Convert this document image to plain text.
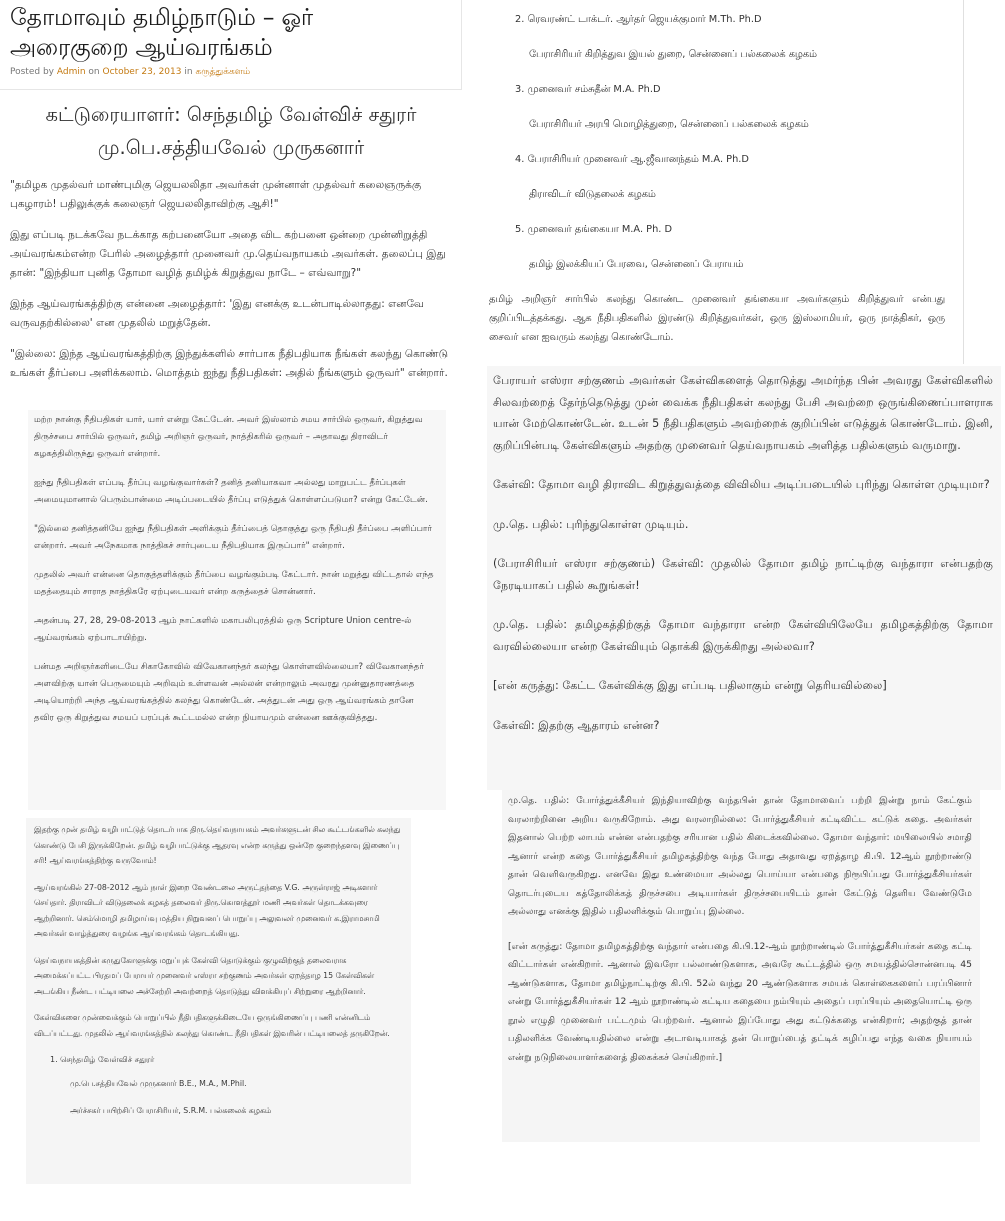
தோமாவும் தமிழ்நாடும் – ஓர்
அரைகுறை ஆய்வரங்கம்
Posted by Admin on October 23, 2013 in கருத்துக்களம்
கட்டுரையாளர்: செந்தமிழ் வேள்விச் சதுரர்
மு.பெ.சத்தியவேல் முருகனார்

"தமிழக முதல்வர் மாண்புமிகு ஜெயலலிதா அவர்கள் முன்னாள் முதல்வர் கலைஞருக்கு புகழாரம்! பதிலுக்குக் கலைஞர் ஜெயலலிதாவிற்கு ஆசி!"

இது எப்படி நடக்கவே நடக்காத கற்பனையோ அதை விட கற்பனை ஒன்றை முன்னிறுத்தி அய்வரங்கம்என்ற பேரில் அழைத்தார் முனைவர் மு.தெய்வநாயகம் அவர்கள். தலைப்பு இது தான்: "இந்தியா புனித தோமா வழித் தமிழ்க் கிறுத்துவ நாடே – எவ்வாறு?"

இந்த ஆய்வரங்கத்திற்கு என்னை அழைத்தார்: 'இது எனக்கு உடன்பாடில்லாதது: எனவே வருவதற்கில்லை' என முதலில் மறுத்தேன்.

"இல்லை: இந்த ஆய்வரங்கத்திற்கு இந்துக்களில் சார்பாக நீதிபதியாக நீங்கள் கலந்து கொண்டு உங்கள் தீர்ப்பை அளிக்கலாம். மொத்தம் ஐந்து நீதிபதிகள்: அதில் நீங்களும் ஒருவர்" என்றார்.

மற்ற நான்கு நீதிபதிகள் யார், யார் என்று கேட்டேன். அவர் இஸ்லாம் சமய சார்பில் ஒருவர், கிறுத்துவ திருச்சபை சார்பில் ஒருவர், தமிழ் அறிஞர் ஒருவர், நாத்திகரில் ஒருவர் – அதாவது திராவிடர் கழகத்திலிருந்து ஒருவர் என்றார்.

ஐந்து நீதிபதிகள் எப்படி தீர்ப்பு வழங்குவார்கள்? தனித் தனியாகவா அல்லது மாறுபட்ட தீர்ப்புகள் அமையுமானால் பெரும்பான்மை அடிப்படையில் தீர்ப்பு எடுத்துக் கொள்ளப்படுமா? என்று கேட்டேன்.

"இல்லை தனித்தனியே ஐந்து நீதிபதிகள் அளிக்கும் தீர்ப்பைத் தொகுத்து ஒரு நீதிபதி தீர்ப்பை அளிப்பார் என்றார். அவர் அநேகமாக நாத்திகச் சார்புடைய நீதிபதியாக இருப்பார்" என்றார்.

முதலில் அவர் என்னை தொகுத்தளிக்கும் தீர்ப்பை வழங்கும்படி கேட்டார். நான் மறுத்து விட்டதால் எந்த மதத்தையும் சாராத நாத்திகரே ஏற்புடையவர் என்ற கருத்தைச் சொன்னார்.

அதன்படி 27, 28, 29-08-2013 ஆம் நாட்களில் மகாபலிபுரத்தில் ஒரு Scripture Union centre-ல் ஆய்வரங்கம் ஏற்பாடாயிற்று.

பன்மத அறிஞர்களிடையே சிகாகோவில் விவேகானந்தர் கலந்து கொள்ளவில்லையா? விவேகானந்தர் அளவிற்கு யான் பெருமையும் அறிவும் உள்ளவன் அல்லன் என்றாலும் அவரது முன்னுதாரணத்தை அடியொற்றி அந்த ஆய்வரங்கத்தில் கலந்து கொண்டேன். அத்துடன் அது ஒரு ஆய்வரங்கம் தானே தவிர ஒரு கிறுத்துவ சமயப் பரப்புக் கூட்டமல்ல என்ற நியாயமும் என்னை ஊக்குவித்தது.

இதற்கு முன் தமிழ் வழிபாட்டுத் தொடர்பாக திரு.தெய்வநாயகம் அவர்களுடன் சில கூட்டங்களில் கலந்து கொண்டு பேசி இருக்கிறேன். தமிழ் வழிபாட்டுக்கு ஆதரவு என்ற கருத்து ஒன்றே குறைந்தளவு இணைப்பு சரி! ஆய்வரங்கத்திற்கு வருவோம்!

ஆய்வரங்கில் 27-08-2012 ஆம் நாள் இறை வேண்டலை அருட்தந்தை V.G. அருள்ராஜ் அடிகளார் செய்தார். திராவிடர் விடுதலைக் கழகத் தலைவர் திரு.கொளத்தூர் மணி அவர்கள் தொடக்கவுரை ஆற்றினார். செம்மொழி தமிழாய்வு மத்திய நிறுவனப் பொறுப்பு அலுவலர் முனைவர் க.இராமசாமி அவர்கள் வாழ்த்துரை வழங்க ஆய்வரங்கம் தொடங்கியது.

தெய்வநாயகத்தின் கருதுகோளுக்கு மறுப்புக் கேள்வி தொடுக்கும் குழுவிற்குத் தலைவராக அமைக்கப்பட்ட பிரதமப் பேராயர் முனைவர் எஸ்ரா சற்குணம் அவர்கள் ஏறத்தாழ 15 கேள்விகள் அடங்கிய நீண்ட பட்டியலை அச்சேற்றி அவற்றைத் தொடுத்து விளக்கியுப் சிற்றுரை ஆற்றினார்.

கேள்விகளை முன்வைக்கும் பொறுப்பில் நீதிபதிகளுக்கிடையே ஒருங்கிணைப்பு பணி என்னிடம் விடப்பட்டது. முதலில் ஆய்வரங்கத்தில் கலந்து கொண்ட நீதிபதிகள் இவரின் பட்டியலைத் தருகிறேன்.

1. செந்தமிழ் வேள்விச் சதுரர்

மு.பெ.சத்தியவேல் முருகனார் B.E., M.A., M.Phil.

அர்ச்சகர் பயிற்சிப் பேராசிரியர், S.R.M. பல்கலைக் கழகம்

2. ரெவரண்ட் டாக்டர். ஆர்தர் ஜெயக்குமார் M.Th. Ph.D

பேராசிரியர் கிறித்துவ இயல் துறை, சென்னைப் பல்கலைக் கழகம்

3. முனைவர் சம்சுதீன் M.A. Ph.D

பேராசிரியர் அரபி மொழித்துறை, சென்னைப் பல்கலைக் கழகம்

4. பேராசிரியர் முனைவர் ஆ.ஜீவானந்தம் M.A. Ph.D

திராவிடர் விடுதலைக் கழகம்

5. முனைவர் தங்கையா M.A. Ph. D

தமிழ் இலக்கியப் பேரவை, சென்னைப் பேராயம்

தமிழ் அறிஞர் சார்பில் கலந்து கொண்ட முனைவர் தங்கையா அவர்களும் கிறித்துவர் என்பது குறிப்பிடத்தக்கது. ஆக நீதிபதிகளில் இரண்டு கிறித்துவர்கள், ஒரு இஸ்லாமியர், ஒரு நாத்திகர், ஒரு சைவர் என ஐவரும் கலந்து கொண்டோம்.

பேராயர் எஸ்ரா சற்குணம் அவர்கள் கேள்விகளைத் தொடுத்து அமர்ந்த பின் அவரது கேள்விகளில் சிலவற்றைத் தேர்ந்தெடுத்து முன் வைக்க நீதிபதிகள் கலந்து பேசி அவற்றை ஒருங்கிணைப்பாளராக யான் மேற்கொண்டேன். உடன் 5 நீதிபதிகளும் அவற்றைக் குறிப்பின் எடுத்துக் கொண்டோம். இனி, குறிப்பின்படி கேள்விகளும் அதற்கு முனைவர் தெய்வநாயகம் அளித்த பதில்களும் வருமாறு.

கேள்வி: தோமா வழி திராவிட கிறுத்துவத்தை விவிலிய அடிப்படையில் புரிந்து கொள்ள முடியுமா?

மு.தெ. பதில்: புரிந்துகொள்ள முடியும்.

(பேராசிரியர் எஸ்ரா சற்குணம்) கேள்வி: முதலில் தோமா தமிழ் நாட்டிற்கு வந்தாரா என்பதற்கு நேரடியாகப் பதில் கூறுங்கள்!

மு.தெ. பதில்: தமிழகத்திற்குத் தோமா வந்தாரா என்ற கேள்வியிலேயே தமிழகத்திற்கு தோமா வரவில்லையா என்ற கேள்வியும் தொக்கி இருக்கிறது அல்லவா?

[என் கருத்து: கேட்ட கேள்விக்கு இது எப்படி பதிலாகும் என்று தெரியவில்லை]

கேள்வி: இதற்கு ஆதாரம் என்ன?

மு.தெ. பதில்: போர்த்துக்கீசியர் இந்தியாவிற்கு வந்தபின் தான் தோமாவைப் பற்றி இன்று நாம் கேட்கும் வரலாற்றினை அறிய வருகிறோம். அது வரலாறில்லை: போர்த்துகீசியர் கட்டிவிட்ட கட்டுக் கதை. அவர்கள் இதனால் பெற்ற லாபம் என்ன என்பதற்கு சரியான பதில் கிடைக்கவில்லை. தோமா வந்தார்: மயிலையில் சமாதி ஆனார் என்ற கதை போர்த்துகீசியர் தமிழகத்திற்கு வந்த போது அதாவது ஏறத்தாழ கி.பி. 12ஆம் நூற்றாண்டு தான் வெளிவருகிறது. எனவே இது உண்மையா அல்லது பொய்யா என்பதை நிரூபிப்பது போர்த்துகீசியர்கள் தொடர்புடைய கத்தோலிக்கத் திருச்சபை அடியார்கள் திருச்சபையிடம் தான் கேட்டுத் தெளிய வேண்டுமே அல்லாது எனக்கு இதில் பதிலளிக்கும் பொறுப்பு இல்லை.

[என் கருத்து: தோமா தமிழகத்திற்கு வந்தார் என்பதை கி.பி.12-ஆம் நூற்றாண்டில் போர்த்துகீசியர்கள் கதை கட்டி விட்டார்கள் என்கிறார். ஆனால் இவரோ பல்லாண்டுகளாக, அவரே கூட்டத்தில் ஒரு சமயத்தில்சொன்னபடி 45 ஆண்டுகளாக, தோமா தமிழ்நாட்டிற்கு கி.பி. 52ல் வந்து 20 ஆண்டுகளாக சமயக் கொள்கைகளைப் பரப்பினார் என்று போர்த்துகீசியர்கள் 12 ஆம் நூறாண்டில் கட்டிய கதையை நம்பியும் அதைப் பரப்பியும் அதையொட்டி ஒரு நூல் எழுதி முனைவர் பட்டமும் பெற்றவர். ஆனால் இப்போது அது கட்டுக்கதை என்கிறார்; அதற்குத் தான் பதிலளிக்க வேண்டியதில்லை என்று அடாவடியாகத் தன் பொறுப்பைத் தட்டிக் கழிப்பது எந்த வகை நியாயம் என்று நடுநிலையாளர்களைத் திகைக்கச் செய்கிறார்.]
